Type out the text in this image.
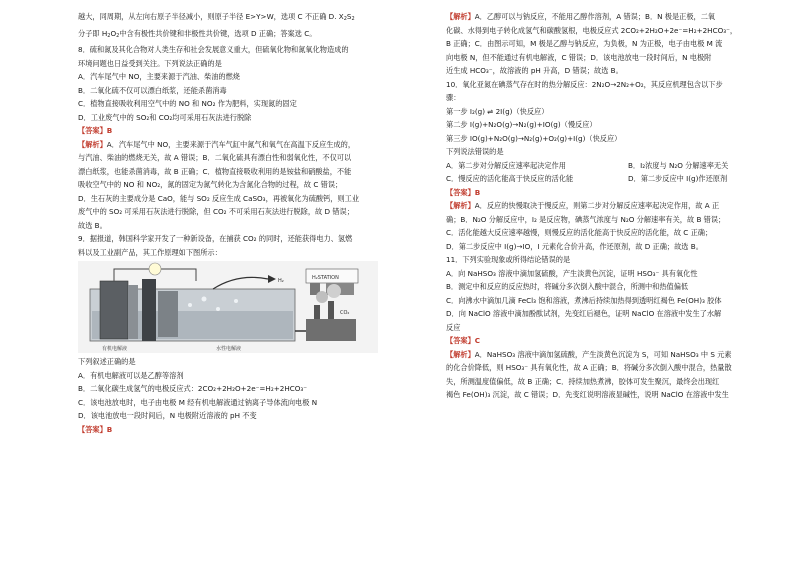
越大，同周期，从左向右原子半径减小，则原子半径 E>Y>W，选项 C 不正确 D. $X_2S_2$

分子即 $H_2O_2$中含有极性共价键和非极性共价键，选项 D 正确；答案选 C。

8．硫和氮及其化合物对人类生存和社会发展意义重大，但硫氧化物和氮氧化物造成的

环境问题也日益受到关注。下列说法正确的是

A．汽车尾气中 NO，主要来源于汽油、柴油的燃烧

B．二氧化硫不仅可以漂白纸浆，还能杀菌消毒

C．植物直接吸收利用空气中的 NO 和 NO₂ 作为肥料，实现氮的固定

D．工业废气中的 SO₂和 CO₂均可采用石灰法进行脱除

【答案】B

【解析】A．汽车尾气中 NO，主要来源于汽车气缸中氮气和氧气在高温下反应生成的，

与汽油、柴油的燃烧无关，故 A 错误；B．二氧化硫具有漂白性和弱氧化性，不仅可以

漂白纸浆，也能杀菌消毒，故 B 正确；C．植物直接吸收利用的是铵盐和硝酸盐，不能

吸收空气中的 NO 和 NO₂，氮的固定为氮气转化为含氮化合物的过程，故 C 错误；

D．生石灰的主要成分是 CaO，能与 SO₂ 反应生成 CaSO₃，再被氧化为硫酸钙，则工业

废气中的 SO₂ 可采用石灰法进行脱除，但 CO₂ 不可采用石灰法进行脱除，故 D 错误；

故选 B。

9．据报道，韩国科学家开发了一种新设备，在捕获 CO₂ 的同时，还能获得电力、氢燃

料以及工业副产品，其工作原理如下图所示：

有机电解液	水性电解液
H₂	H₂STATION
CO₂

下列叙述正确的是

A．有机电解液可以是乙醇等溶剂

B．二氧化碳生成氢气的电极反应式：2CO₂+2H₂O+2e⁻=H₂+2HCO₃⁻

C．该电池放电时，电子由电极 M 经有机电解液通过钠离子导体流向电极 N

D．该电池放电一段时间后，N 电极附近溶液的 pH 不变

【答案】B

【解析】A．乙醇可以与钠反应，不能用乙醇作溶剂，A 错误；B．N 极是正极，二氧

化碳、水得到电子转化成氢气和碳酸氢根，电极反应式 2CO₂+2H₂O+2e⁻=H₂+2HCO₃⁻，

B 正确；C．由图示可知，M 极是乙醇与钠反应，为负极，N 为正极，电子由电极 M 流

向电极 N，但不能通过有机电解液，C 错误；D．该电池放电一段时间后，N 电极附

近生成 HCO₃⁻，故溶液的 pH 升高，D 错误；故选 B。

10．氧化亚氮在碘蒸气存在时的热分解反应：2N₂O→2N₂+O₂，其反应机理包含以下步

骤：

第一步 I₂(g) ⇌ 2I(g)（快反应）

第二步 I(g)+N₂O(g)→N₂(g)+IO(g)（慢反应）

第三步 IO(g)+N₂O(g)→N₂(g)+O₂(g)+I(g)（快反应）

下列说法错误的是

A．第二步对分解反应速率起决定作用	B．I₂浓度与 N₂O 分解速率无关
C．慢反应的活化能高于快反应的活化能	D．第二步反应中 I(g)作还原剂

【答案】B

【解析】A．反应的快慢取决于慢反应，则第二步对分解反应速率起决定作用，故 A 正

确；B．N₂O 分解反应中，I₂ 是反应物，碘蒸气浓度与 N₂O 分解速率有关，故 B 错误；

C．活化能越大反应速率越慢，则慢反应的活化能高于快反应的活化能，故 C 正确；

D．第二步反应中 I(g)→IO，I 元素化合价升高，作还原剂，故 D 正确；故选 B。

11．下列实验现象或所得结论错误的是

A．向 NaHSO₃ 溶液中滴加氢硫酸，产生淡黄色沉淀，证明 HSO₃⁻ 具有氧化性

B．测定中和反应的反应热时，将碱分多次倒入酸中混合，所测中和热值偏低

C．向沸水中滴加几滴 FeCl₃ 饱和溶液，煮沸后持续加热得到透明红褐色 Fe(OH)₃ 胶体

D．向 NaClO 溶液中滴加酚酞试剂，先变红后褪色，证明 NaClO 在溶液中发生了水解

反应

【答案】C

【解析】A．NaHSO₃ 溶液中滴加氢硫酸，产生淡黄色沉淀为 S，可知 NaHSO₃ 中 S 元素

的化合价降低，则 HSO₃⁻ 具有氧化性，故 A 正确；B．将碱分多次倒入酸中混合，热量散

失，所测温度值偏低，故 B 正确；C．持续加热煮沸，胶体可发生聚沉，最终会出现红

褐色 Fe(OH)₃ 沉淀，故 C 错误；D．先变红说明溶液显碱性，说明 NaClO 在溶液中发生
